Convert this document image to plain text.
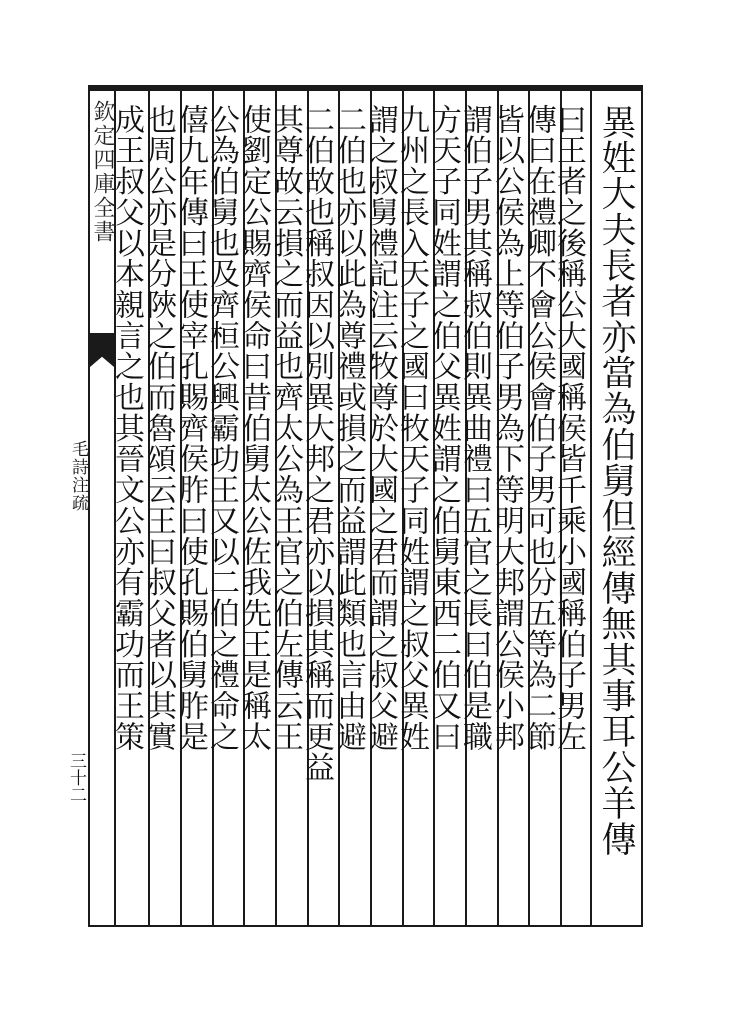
欽定四庫全書
毛詩注疏
三十二	異姓大夫長者亦當為伯舅但經傳無其事耳公羊傳
曰王者之後稱公大國稱侯皆千乘小國稱伯子男左
傳曰在禮卿不會公侯會伯子男可也分五等為二節
皆以公侯為上等伯子男為下等明大邦謂公侯小邦
謂伯子男其稱叔伯則異曲禮曰五官之長曰伯是職
方天子同姓謂之伯父異姓謂之伯舅東西二伯又曰
九州之長入天子之國曰牧天子同姓謂之叔父異姓
謂之叔舅禮記注云牧尊於大國之君而謂之叔父避
二伯也亦以此為尊禮或損之而益謂此類也言由避
二伯故也稱叔因以別異大邦之君亦以損其稱而更益
其尊故云損之而益也齊太公為王官之伯左傳云王
使劉定公賜齊侯命曰昔伯舅太公佐我先王是稱太
公為伯舅也及齊桓公興霸功王又以二伯之禮命之
僖九年傳曰王使宰孔賜齊侯胙曰使孔賜伯舅胙是
也周公亦是分陜之伯而魯頌云王曰叔父者以其實
成王叔父以本親言之也其晉文公亦有霸功而王策
